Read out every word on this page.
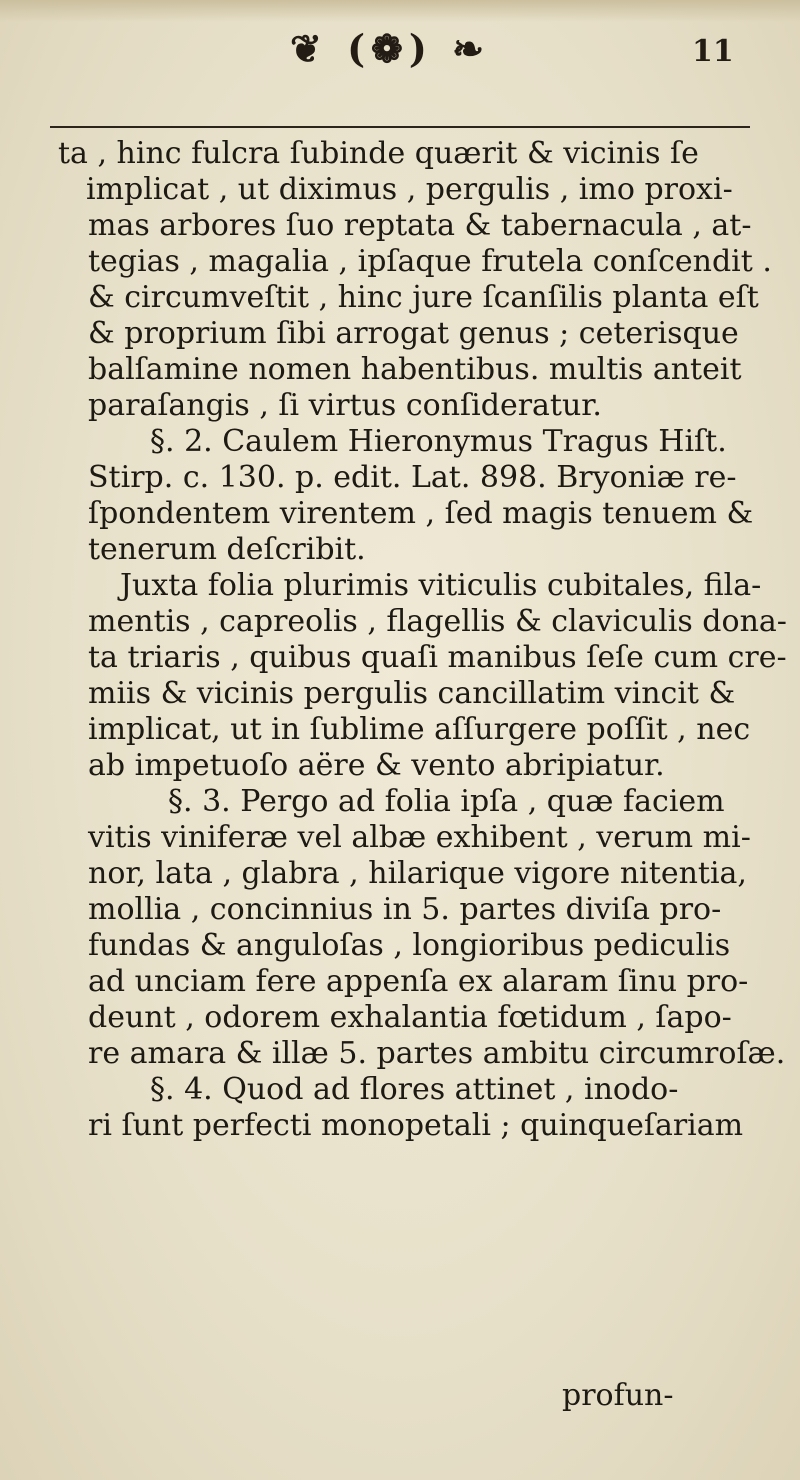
❦ (❁) ❧	11
ta , hinc fulcra ſubinde quærit & vicinis ſe
implicat , ut diximus , pergulis , imo proxi-
mas arbores ſuo reptata & tabernacula , at-
tegias , magalia , ipſaque frutela conſcendit .
& circumveſtit , hinc jure ſcanſilis planta eſt
& proprium ſibi arrogat genus ; ceterisque
balſamine nomen habentibus. multis anteit
paraſangis , ſi virtus conſideratur.
§. 2. Caulem Hieronymus Tragus Hiſt.
Stirp. c. 130. p. edit. Lat. 898. Bryoniæ re-
ſpondentem virentem , ſed magis tenuem &
tenerum deſcribit.
Juxta folia plurimis viticulis cubitales, fila-
mentis , capreolis , flagellis & claviculis dona-
ta triaris , quibus quaſi manibus ſeſe cum cre-
miis & vicinis pergulis cancillatim vincit &
implicat, ut in ſublime aſſurgere poſſit , nec
ab impetuoſo aëre & vento abripiatur.
§. 3. Pergo ad folia ipſa , quæ faciem
vitis viniferæ vel albæ exhibent , verum mi-
nor, lata , glabra , hilarique vigore nitentia,
mollia , concinnius in 5. partes diviſa pro-
fundas & anguloſas , longioribus pediculis
ad unciam fere appenſa ex alaram ſinu pro-
deunt , odorem exhalantia fœtidum , ſapo-
re amara & illæ 5. partes ambitu circumroſæ.
§. 4. Quod ad flores attinet , inodo-
ri ſunt perfecti monopetali ; quinqueſariam
profun-
